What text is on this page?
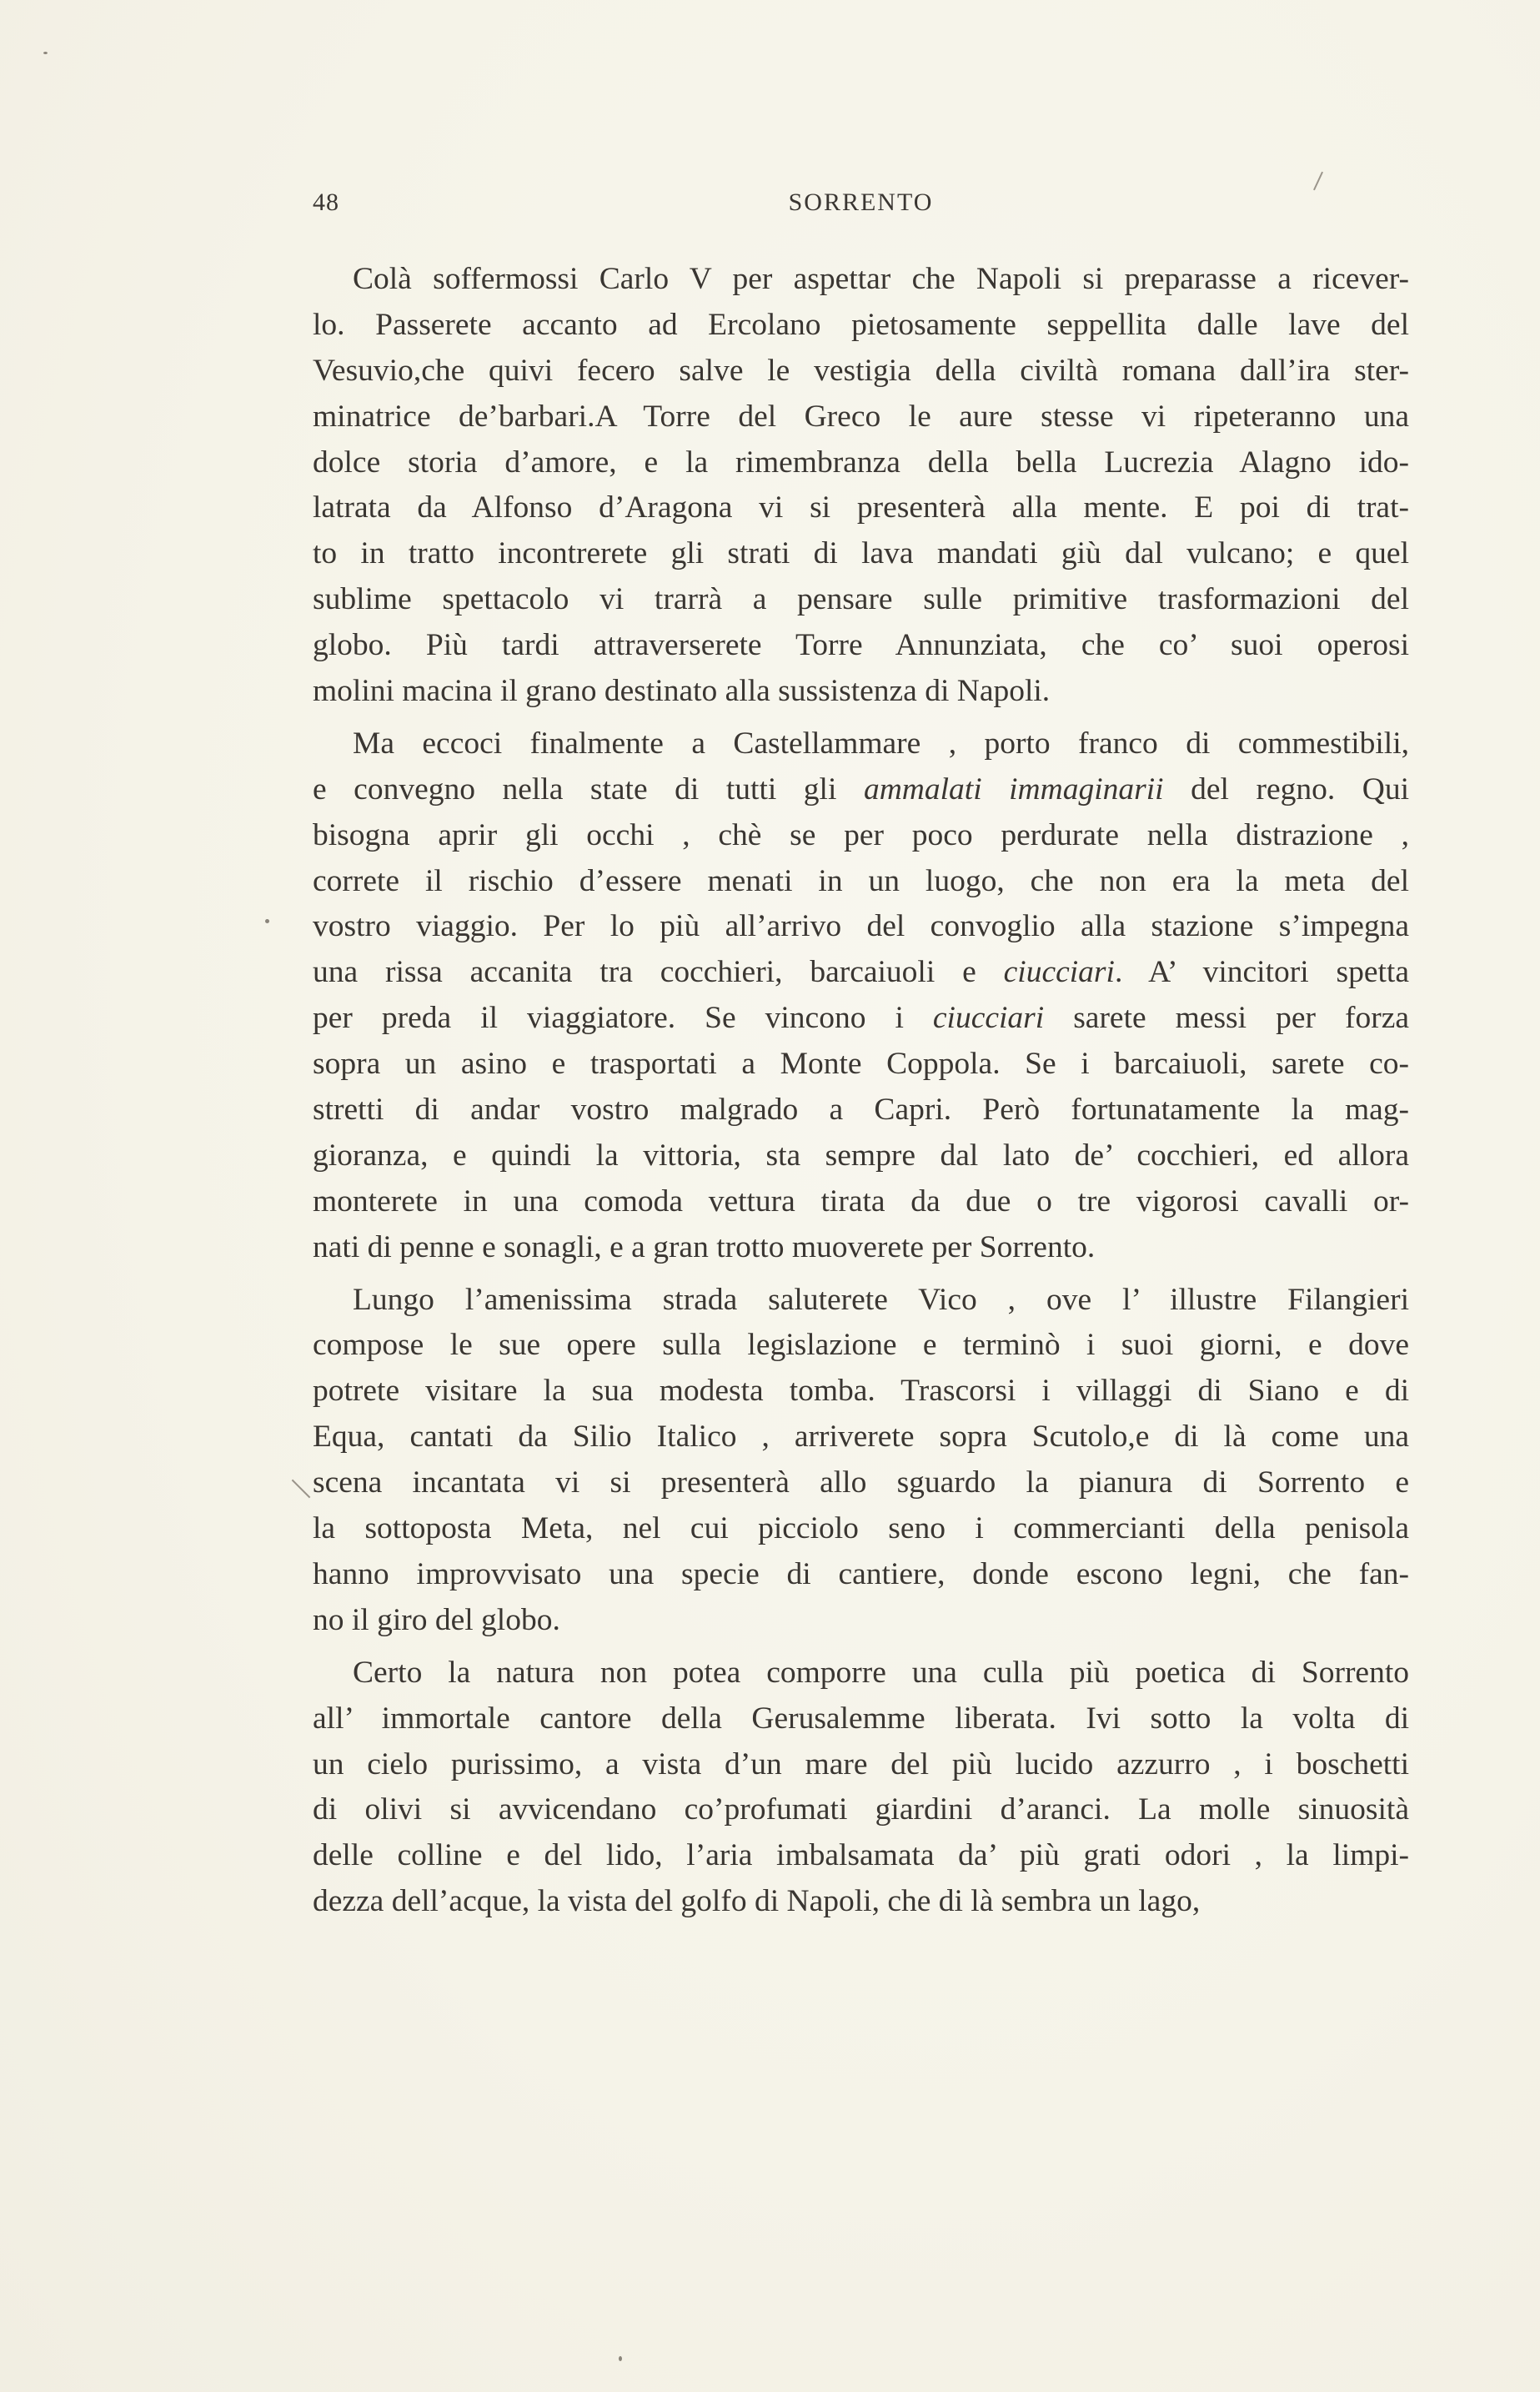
48	SORRENTO
Colà soffermossi Carlo V per aspettar che Napoli si preparasse a ricever-
lo. Passerete accanto ad Ercolano pietosamente seppellita dalle lave del
Vesuvio,che quivi fecero salve le vestigia della civiltà romana dall’ira ster-
minatrice de’barbari.A Torre del Greco le aure stesse vi ripeteranno una
dolce storia d’amore, e la rimembranza della bella Lucrezia Alagno ido-
latrata da Alfonso d’Aragona vi si presenterà alla mente. E poi di trat-
to in tratto incontrerete gli strati di lava mandati giù dal vulcano; e quel
sublime spettacolo vi trarrà a pensare sulle primitive trasformazioni del
globo. Più tardi attraverserete Torre Annunziata, che co’ suoi operosi
molini macina il grano destinato alla sussistenza di Napoli.
Ma eccoci finalmente a Castellammare , porto franco di commestibili,
e convegno nella state di tutti gli ammalati immaginarii del regno. Qui
bisogna aprir gli occhi , chè se per poco perdurate nella distrazione ,
correte il rischio d’essere menati in un luogo, che non era la meta del
vostro viaggio. Per lo più all’arrivo del convoglio alla stazione s’impegna
una rissa accanita tra cocchieri, barcaiuoli e ciucciari. A’ vincitori spetta
per preda il viaggiatore. Se vincono i ciucciari sarete messi per forza
sopra un asino e trasportati a Monte Coppola. Se i barcaiuoli, sarete co-
stretti di andar vostro malgrado a Capri. Però fortunatamente la mag-
gioranza, e quindi la vittoria, sta sempre dal lato de’ cocchieri, ed allora
monterete in una comoda vettura tirata da due o tre vigorosi cavalli or-
nati di penne e sonagli, e a gran trotto muoverete per Sorrento.
Lungo l’amenissima strada saluterete Vico , ove l’ illustre Filangieri
compose le sue opere sulla legislazione e terminò i suoi giorni, e dove
potrete visitare la sua modesta tomba. Trascorsi i villaggi di Siano e di
Equa, cantati da Silio Italico , arriverete sopra Scutolo,e di là come una
scena incantata vi si presenterà allo sguardo la pianura di Sorrento e
la sottoposta Meta, nel cui picciolo seno i commercianti della penisola
hanno improvvisato una specie di cantiere, donde escono legni, che fan-
no il giro del globo.
Certo la natura non potea comporre una culla più poetica di Sorrento
all’ immortale cantore della Gerusalemme liberata. Ivi sotto la volta di
un cielo purissimo, a vista d’un mare del più lucido azzurro , i boschetti
di olivi si avvicendano co’profumati giardini d’aranci. La molle sinuosità
delle colline e del lido, l’aria imbalsamata da’ più grati odori , la limpi-
dezza dell’acque, la vista del golfo di Napoli, che di là sembra un lago,
